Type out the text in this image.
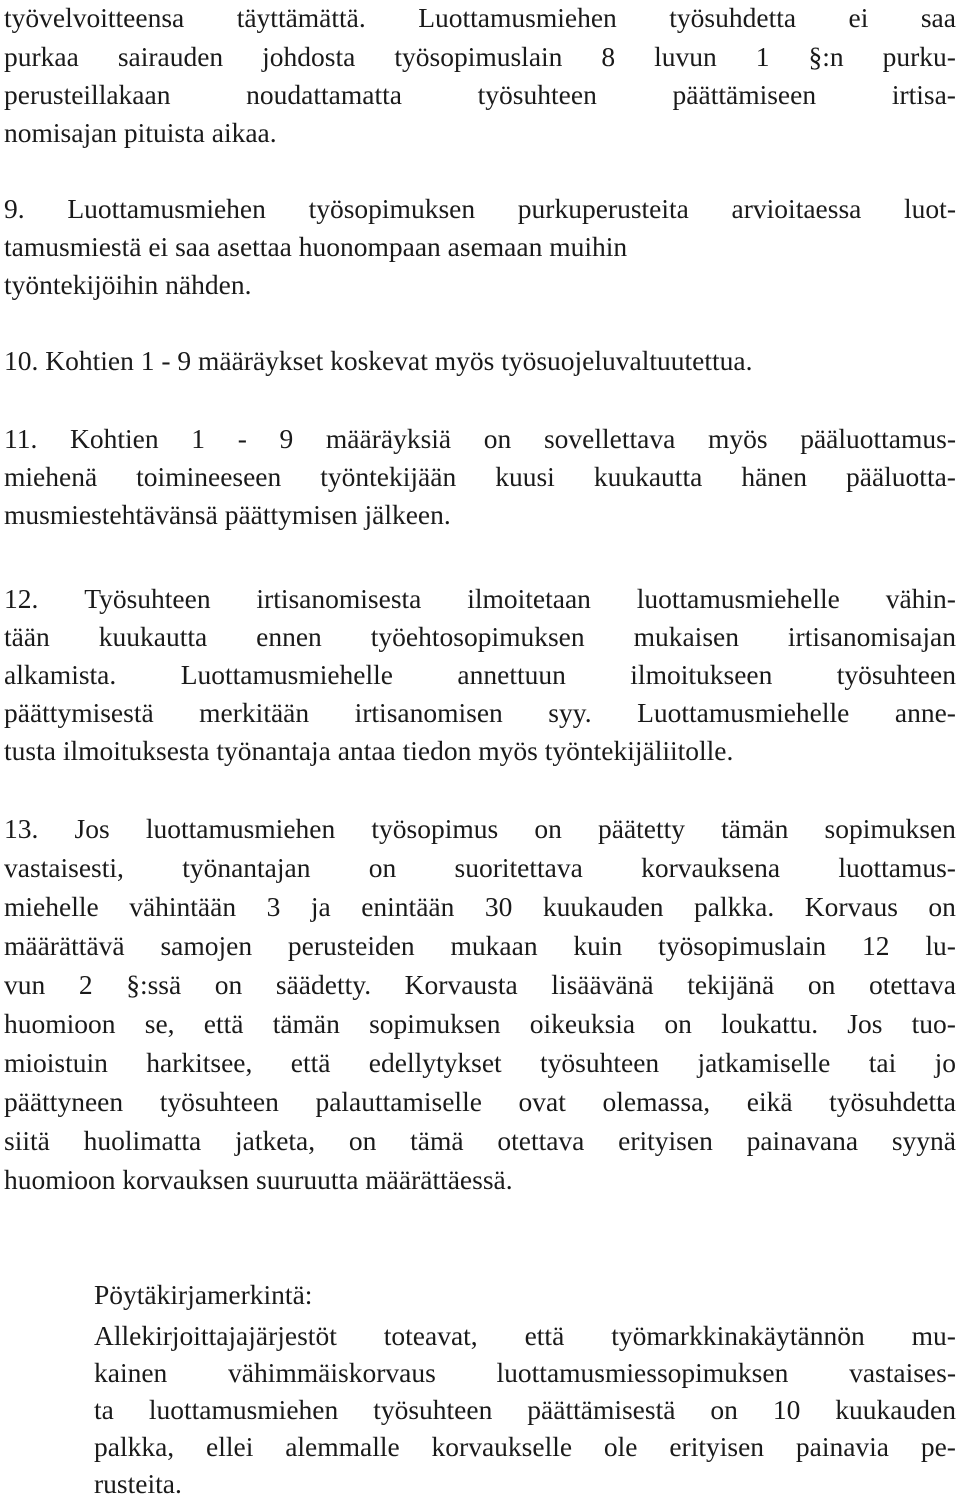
työvelvoitteensa täyttämättä. Luottamusmiehen työsuhdetta ei saa
purkaa sairauden johdosta työsopimuslain 8 luvun 1 §:n purku-
perusteillakaan	noudattamatta	työsuhteen	päättämiseen	irtisa-
nomisajan pituista aikaa.
9. Luottamusmiehen työsopimuksen purkuperusteita arvioitaessa luot-
tamusmiestä ei saa asettaa huonompaan asemaan muihin
työntekijöihin nähden.
10. Kohtien 1 - 9 määräykset koskevat myös työsuojeluvaltuutettua.
11. Kohtien 1 - 9 määräyksiä on sovellettava myös pääluottamus-
miehenä toimineeseen työntekijään kuusi kuukautta hänen pääluotta-
musmiestehtävänsä päättymisen jälkeen.
12. Työsuhteen irtisanomisesta ilmoitetaan luottamusmiehelle vähin-
tään kuukautta ennen työehtosopimuksen mukaisen irtisanomisajan
alkamista. Luottamusmiehelle annettuun ilmoitukseen työsuhteen
päättymisestä merkitään irtisanomisen syy. Luottamusmiehelle anne-
tusta ilmoituksesta työnantaja antaa tiedon myös työntekijäliitolle.
13. Jos luottamusmiehen työsopimus on päätetty tämän sopimuksen
vastaisesti, työnantajan on suoritettava korvauksena luottamus-
miehelle vähintään 3 ja enintään 30 kuukauden palkka. Korvaus on
määrättävä samojen perusteiden mukaan kuin työsopimuslain 12 lu-
vun 2 §:ssä on säädetty. Korvausta lisäävänä tekijänä on otettava
huomioon se, että tämän sopimuksen oikeuksia on loukattu. Jos tuo-
mioistuin harkitsee, että edellytykset työsuhteen jatkamiselle tai jo
päättyneen työsuhteen palauttamiselle ovat olemassa, eikä työsuhdetta
siitä huolimatta jatketa, on tämä otettava erityisen painavana syynä
huomioon korvauksen suuruutta määrättäessä.
Pöytäkirjamerkintä:
Allekirjoittajajärjestöt toteavat, että työmarkkinakäytännön mu-
kainen vähimmäiskorvaus luottamusmiessopimuksen vastaises-
ta luottamusmiehen työsuhteen päättämisestä on 10 kuukauden
palkka, ellei alemmalle korvaukselle ole erityisen painavia pe-
rusteita.
